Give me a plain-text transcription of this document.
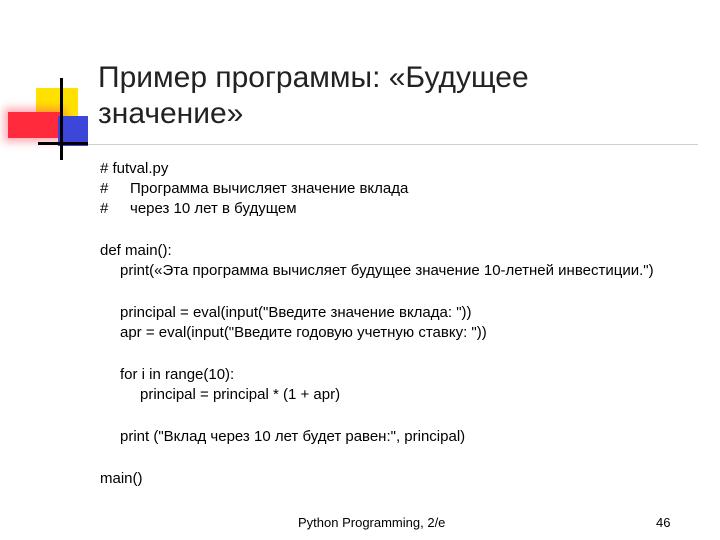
Пример программы: «Будущее
значение»
# futval.py
# Программа вычисляет значение вклада
# через 10 лет в будущем
def main():
print(«Эта программа вычисляет будущее значение 10-летней инвестиции.")
principal = eval(input("Введите значение вклада: "))
apr = eval(input("Введите годовую учетную ставку: "))
for i in range(10):
principal = principal * (1 + apr)
print ("Вклад через 10 лет будет равен:", principal)
main()
Python Programming, 2/e	46
